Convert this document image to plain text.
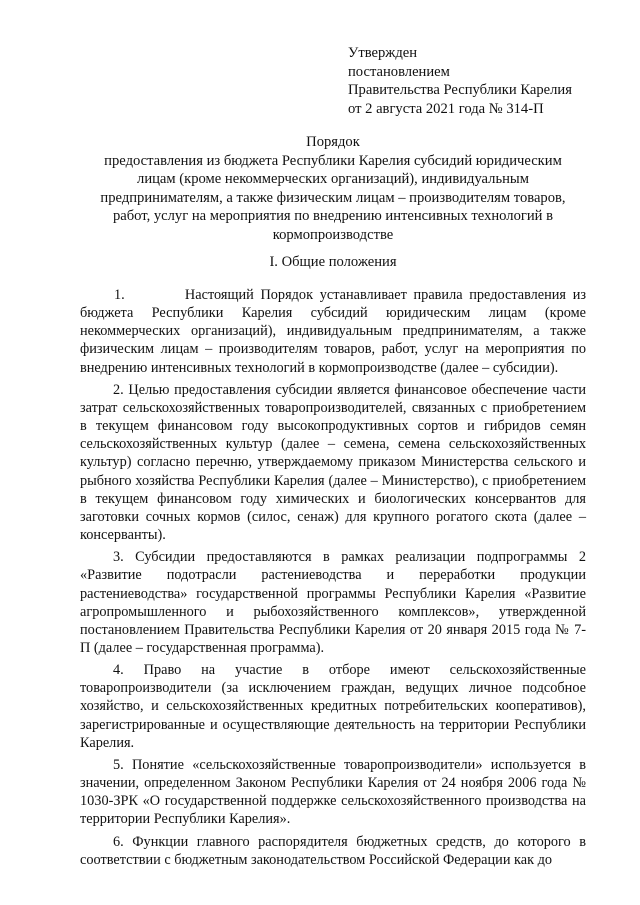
Утвержден
постановлением
Правительства Республики Карелия
от 2 августа 2021 года № 314-П
Порядок
предоставления из бюджета Республики Карелия субсидий юридическим
лицам (кроме некоммерческих организаций), индивидуальным
предпринимателям, а также физическим лицам – производителям товаров,
работ, услуг на мероприятия по внедрению интенсивных технологий в
кормопроизводстве
I. Общие положения

1.         Настоящий Порядок устанавливает правила предоставления из бюджета Республики Карелия субсидий юридическим лицам (кроме некоммерческих организаций), индивидуальным предпринимателям, а также физическим лицам – производителям товаров, работ, услуг на мероприятия по внедрению интенсивных технологий в кормопроизводстве (далее – субсидии).

2. Целью предоставления субсидии является финансовое обеспечение части затрат сельскохозяйственных товаропроизводителей, связанных с приобретением в текущем финансовом году высокопродуктивных сортов и гибридов семян сельскохозяйственных культур (далее – семена, семена сельскохозяйственных культур) согласно перечню, утверждаемому приказом Министерства сельского и рыбного хозяйства Республики Карелия (далее – Министерство), с приобретением в текущем финансовом году химических и биологических консервантов для заготовки сочных кормов (силос, сенаж) для крупного рогатого скота (далее – консерванты).

3. Субсидии предоставляются в рамках реализации подпрограммы 2 «Развитие подотрасли растениеводства и переработки продукции растениеводства» государственной программы Республики Карелия «Развитие агропромышленного и рыбохозяйственного комплексов», утвержденной постановлением Правительства Республики Карелия от 20 января 2015 года № 7-П (далее – государственная программа).

4. Право на участие в отборе имеют сельскохозяйственные товаропроизводители (за исключением граждан, ведущих личное подсобное хозяйство, и сельскохозяйственных кредитных потребительских кооперативов), зарегистрированные и осуществляющие деятельность на территории Республики Карелия.

5. Понятие «сельскохозяйственные товаропроизводители» используется в значении, определенном Законом Республики Карелия от 24 ноября 2006 года № 1030-ЗРК «О государственной поддержке сельскохозяйственного производства на территории Республики Карелия».

6. Функции главного распорядителя бюджетных средств, до которого в соответствии с бюджетным законодательством Российской Федерации как до
